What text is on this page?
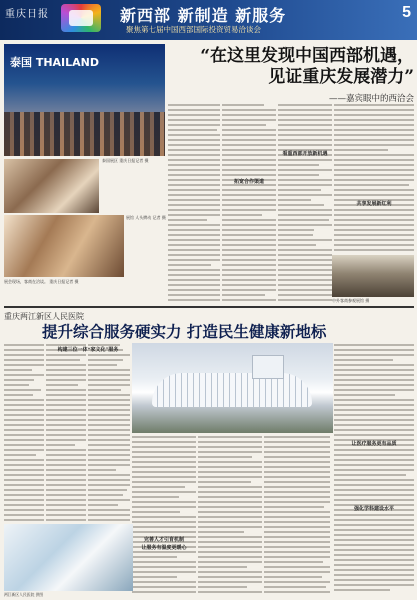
重庆日报	新西部 新制造 新服务
聚焦第七届中国西部国际投资贸易洽谈会
5
泰国 THAILAND
泰国展区 重庆日报记者 摄
展会现场，客商在洽谈。 重庆日报记者 摄
展馆 人头攒动 记者 摄
“在这里发现中国西部机遇，
见证重庆发展潜力”
——嘉宾眼中的西洽会
拓宽合作渠道
看重西部开放新机遇
共享发展新红利
中外客商参观展馆 摄
重庆两江新区人民医院
提升综合服务硬实力 打造民生健康新地标
构建三位一体“家文化”服务
完善人才引育机制
让服务有温度更暖心
让医疗服务更有品质
强化学科建设水平
两江新区人民医院 供图
